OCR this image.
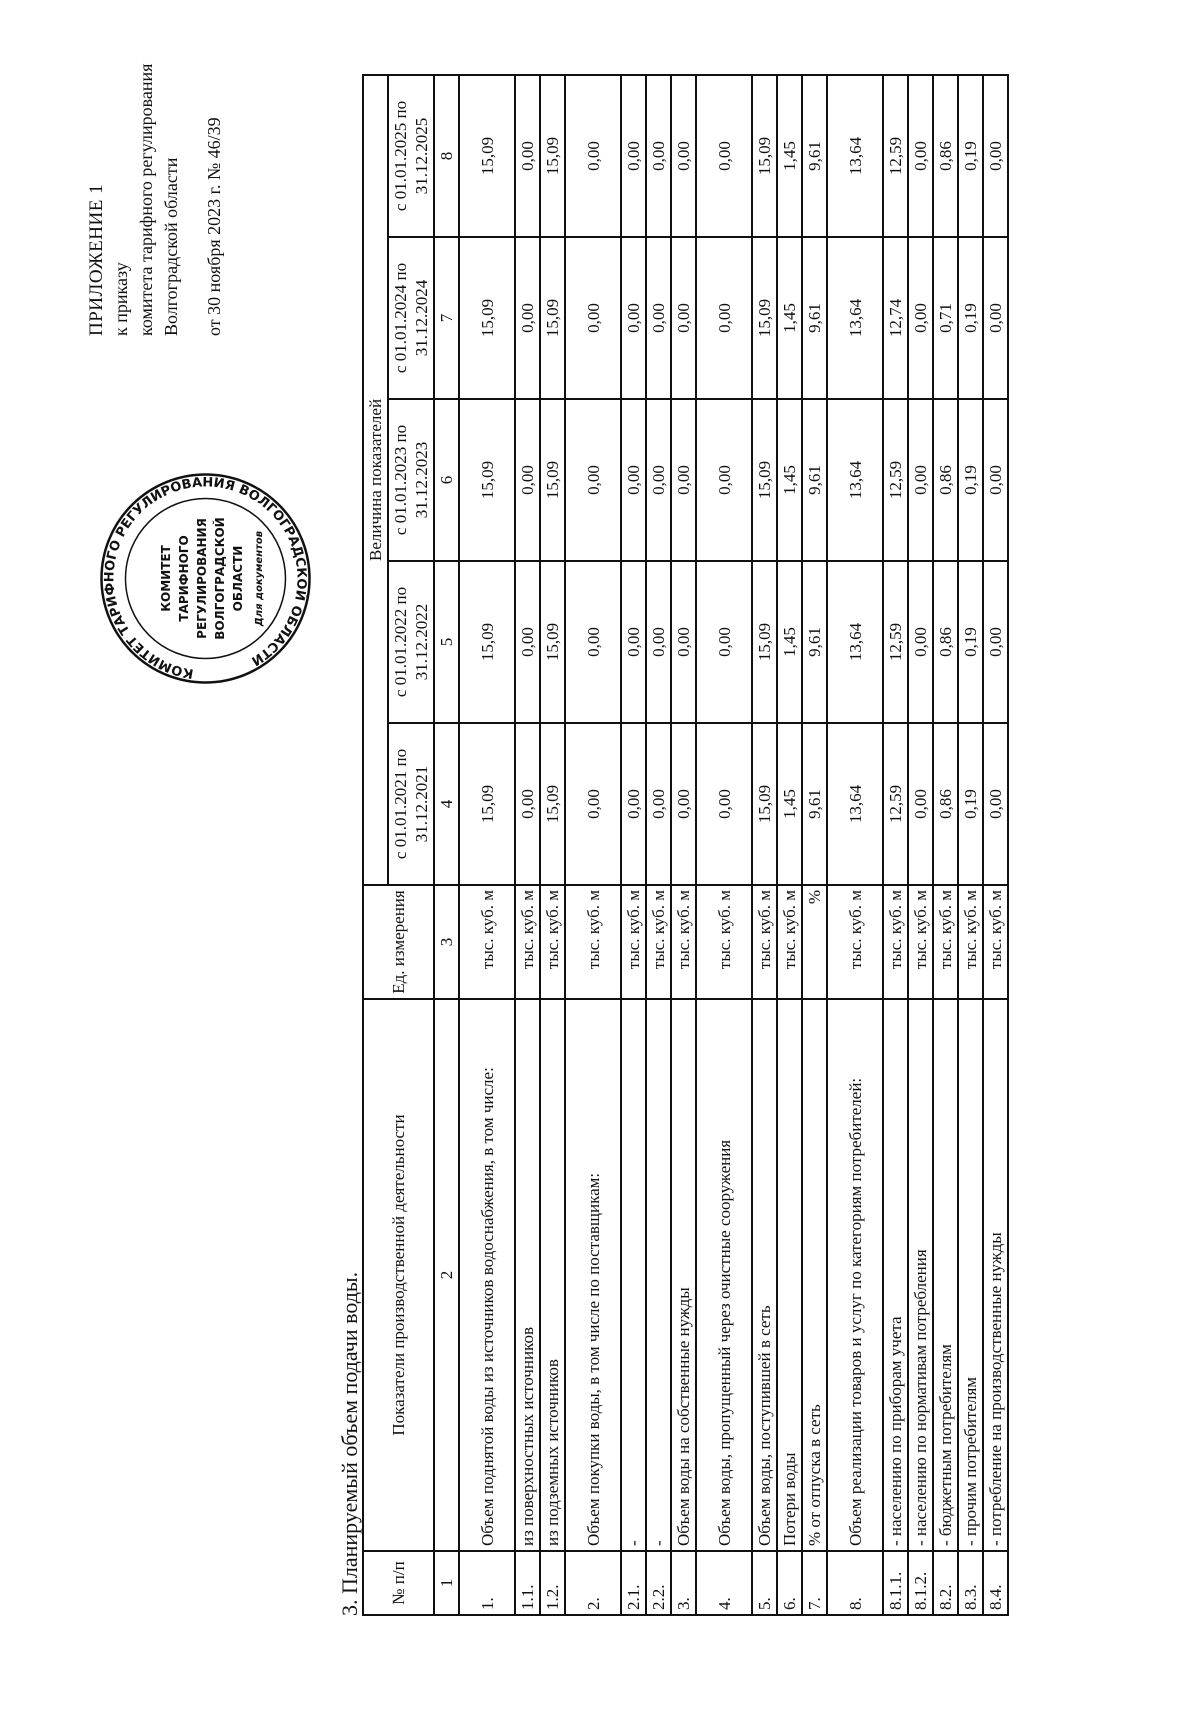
ПРИЛОЖЕНИЕ 1 к приказу комитета тарифного регулирования Волгоградской области от 30 ноября 2023 г. № 46/39
КОМИТЕТ ТАРИФНОГО РЕГУЛИРОВАНИЯ ВОЛГОГРАДСКОЙ ОБЛАСТИ
КОМИТЕТ ТАРИФНОГО РЕГУЛИРОВАНИЯ ВОЛГОГРАДСКОЙ ОБЛАСТИ Для документов
3. Планируемый объем подачи воды. № п/п	Показатели производственной деятельности	Ед. измерения	Величина показателей				
			с 01.01.2021 по 31.12.2021	с 01.01.2022 по 31.12.2022	с 01.01.2023 по 31.12.2023	с 01.01.2024 по 31.12.2024	с 01.01.2025 по 31.12.2025
1	2	3	4	5	6	7	8
1.	Объем поднятой воды из источников водоснабжения, в том числе:	тыс. куб. м	15,09	15,09	15,09	15,09	15,09
1.1.	из поверхностных источников	тыс. куб. м	0,00	0,00	0,00	0,00	0,00
1.2.	из подземных источников	тыс. куб. м	15,09	15,09	15,09	15,09	15,09
2.	Объем покупки воды, в том числе по поставщикам:	тыс. куб. м	0,00	0,00	0,00	0,00	0,00
2.1.	-	тыс. куб. м	0,00	0,00	0,00	0,00	0,00
2.2.	-	тыс. куб. м	0,00	0,00	0,00	0,00	0,00
3.	Объем воды на собственные нужды	тыс. куб. м	0,00	0,00	0,00	0,00	0,00
4.	Объем воды, пропущенный через очистные сооружения	тыс. куб. м	0,00	0,00	0,00	0,00	0,00
5.	Объем воды, поступившей в сеть	тыс. куб. м	15,09	15,09	15,09	15,09	15,09
6.	Потери воды	тыс. куб. м	1,45	1,45	1,45	1,45	1,45
7.	% от отпуска в сеть	%	9,61	9,61	9,61	9,61	9,61
8.	Объем реализации товаров и услуг по категориям потребителей:	тыс. куб. м	13,64	13,64	13,64	13,64	13,64
8.1.1.	- населению по приборам учета	тыс. куб. м	12,59	12,59	12,59	12,74	12,59
8.1.2.	- населению по нормативам потребления	тыс. куб. м	0,00	0,00	0,00	0,00	0,00
8.2.	- бюджетным потребителям	тыс. куб. м	0,86	0,86	0,86	0,71	0,86
8.3.	- прочим потребителям	тыс. куб. м	0,19	0,19	0,19	0,19	0,19
8.4.	- потребление на производственные нужды	тыс. куб. м	0,00	0,00	0,00	0,00	0,00
